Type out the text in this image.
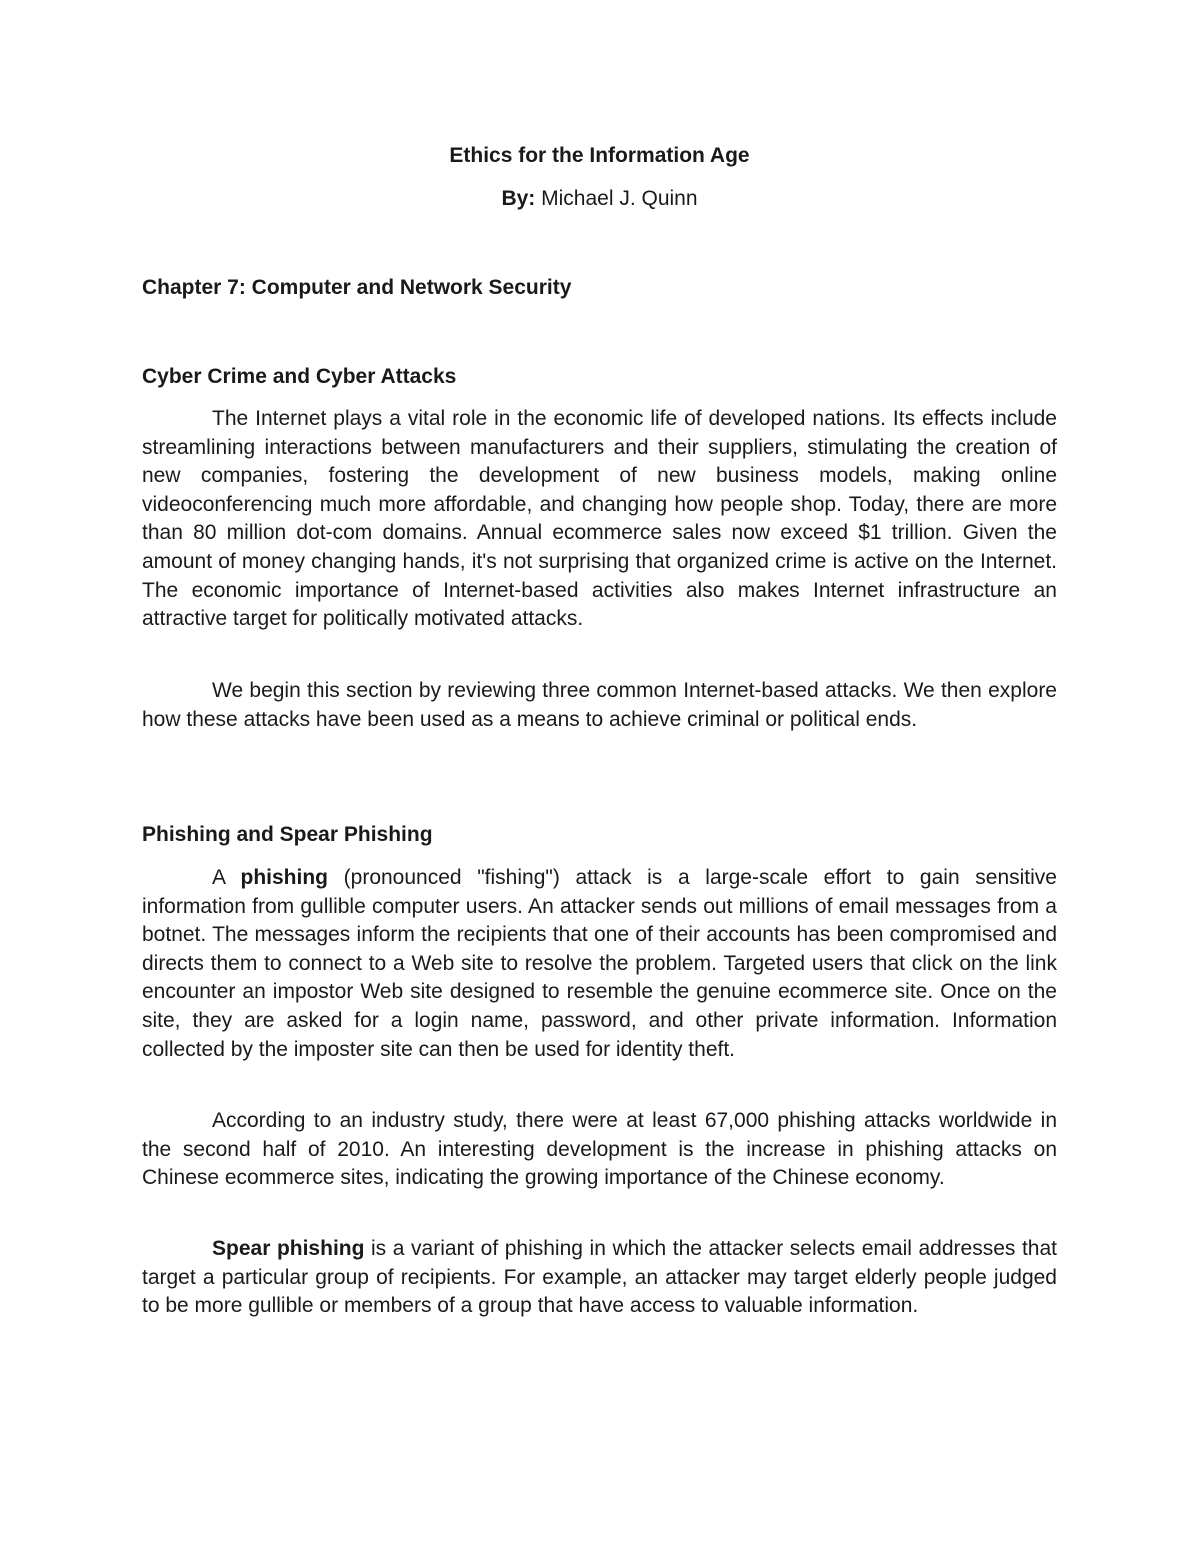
Ethics for the Information Age
By: Michael J. Quinn
Chapter 7: Computer and Network Security
Cyber Crime and Cyber Attacks

The Internet plays a vital role in the economic life of developed nations. Its effects include streamlining interactions between manufacturers and their suppliers, stimulating the creation of new companies, fostering the development of new business models, making online videoconferencing much more affordable, and changing how people shop. Today, there are more than 80 million dot-com domains. Annual ecommerce sales now exceed $1 trillion. Given the amount of money changing hands, it's not surprising that organized crime is active on the Internet. The economic importance of Internet-based activities also makes Internet infrastructure an attractive target for politically motivated attacks.

We begin this section by reviewing three common Internet-based attacks. We then explore how these attacks have been used as a means to achieve criminal or political ends.

Phishing and Spear Phishing

A phishing (pronounced "fishing") attack is a large-scale effort to gain sensitive information from gullible computer users. An attacker sends out millions of email messages from a botnet. The messages inform the recipients that one of their accounts has been compromised and directs them to connect to a Web site to resolve the problem. Targeted users that click on the link encounter an impostor Web site designed to resemble the genuine ecommerce site. Once on the site, they are asked for a login name, password, and other private information. Information collected by the imposter site can then be used for identity theft.

According to an industry study, there were at least 67,000 phishing attacks worldwide in the second half of 2010. An interesting development is the increase in phishing attacks on Chinese ecommerce sites, indicating the growing importance of the Chinese economy.

Spear phishing is a variant of phishing in which the attacker selects email addresses that target a particular group of recipients. For example, an attacker may target elderly people judged to be more gullible or members of a group that have access to valuable information.
